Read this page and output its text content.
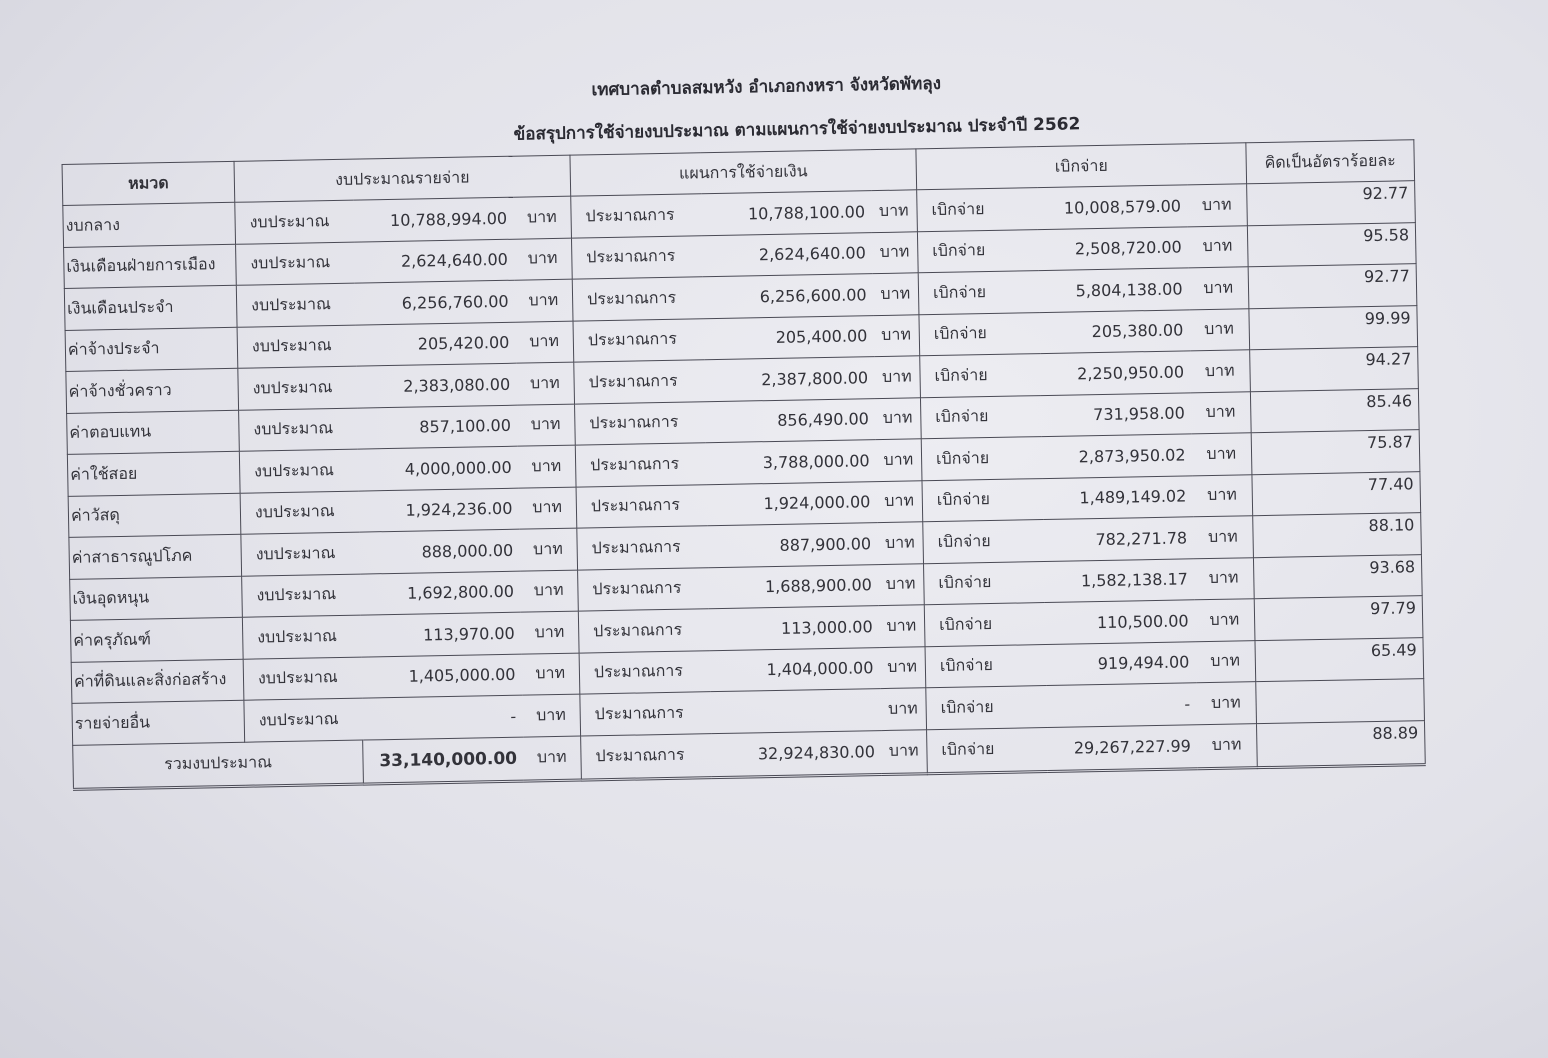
เทศบาลตำบลสมหวัง อำเภอกงหรา จังหวัดพัทลุง

ข้อสรุปการใช้จ่ายงบประมาณ ตามแผนการใช้จ่ายงบประมาณ ประจำปี 2562

หมวด	งบประมาณรายจ่าย			แผนการใช้จ่ายเงิน			เบิกจ่าย			คิดเป็นอัตราร้อยละ
งบกลาง	งบประมาณ	10,788,994.00	บาท	ประมาณการ	10,788,100.00	บาท	เบิกจ่าย	10,008,579.00	บาท	92.77
เงินเดือนฝ่ายการเมือง	งบประมาณ	2,624,640.00	บาท	ประมาณการ	2,624,640.00	บาท	เบิกจ่าย	2,508,720.00	บาท	95.58
เงินเดือนประจำ	งบประมาณ	6,256,760.00	บาท	ประมาณการ	6,256,600.00	บาท	เบิกจ่าย	5,804,138.00	บาท	92.77
ค่าจ้างประจำ	งบประมาณ	205,420.00	บาท	ประมาณการ	205,400.00	บาท	เบิกจ่าย	205,380.00	บาท	99.99
ค่าจ้างชั่วคราว	งบประมาณ	2,383,080.00	บาท	ประมาณการ	2,387,800.00	บาท	เบิกจ่าย	2,250,950.00	บาท	94.27
ค่าตอบแทน	งบประมาณ	857,100.00	บาท	ประมาณการ	856,490.00	บาท	เบิกจ่าย	731,958.00	บาท	85.46
ค่าใช้สอย	งบประมาณ	4,000,000.00	บาท	ประมาณการ	3,788,000.00	บาท	เบิกจ่าย	2,873,950.02	บาท	75.87
ค่าวัสดุ	งบประมาณ	1,924,236.00	บาท	ประมาณการ	1,924,000.00	บาท	เบิกจ่าย	1,489,149.02	บาท	77.40
ค่าสาธารณูปโภค	งบประมาณ	888,000.00	บาท	ประมาณการ	887,900.00	บาท	เบิกจ่าย	782,271.78	บาท	88.10
เงินอุดหนุน	งบประมาณ	1,692,800.00	บาท	ประมาณการ	1,688,900.00	บาท	เบิกจ่าย	1,582,138.17	บาท	93.68
ค่าครุภัณฑ์	งบประมาณ	113,970.00	บาท	ประมาณการ	113,000.00	บาท	เบิกจ่าย	110,500.00	บาท	97.79
ค่าที่ดินและสิ่งก่อสร้าง	งบประมาณ	1,405,000.00	บาท	ประมาณการ	1,404,000.00	บาท	เบิกจ่าย	919,494.00	บาท	65.49
รายจ่ายอื่น	งบประมาณ	-	บาท	ประมาณการ		บาท	เบิกจ่าย	-	บาท	
รวมงบประมาณ		33,140,000.00	บาท	ประมาณการ	32,924,830.00	บาท	เบิกจ่าย	29,267,227.99	บาท	88.89
